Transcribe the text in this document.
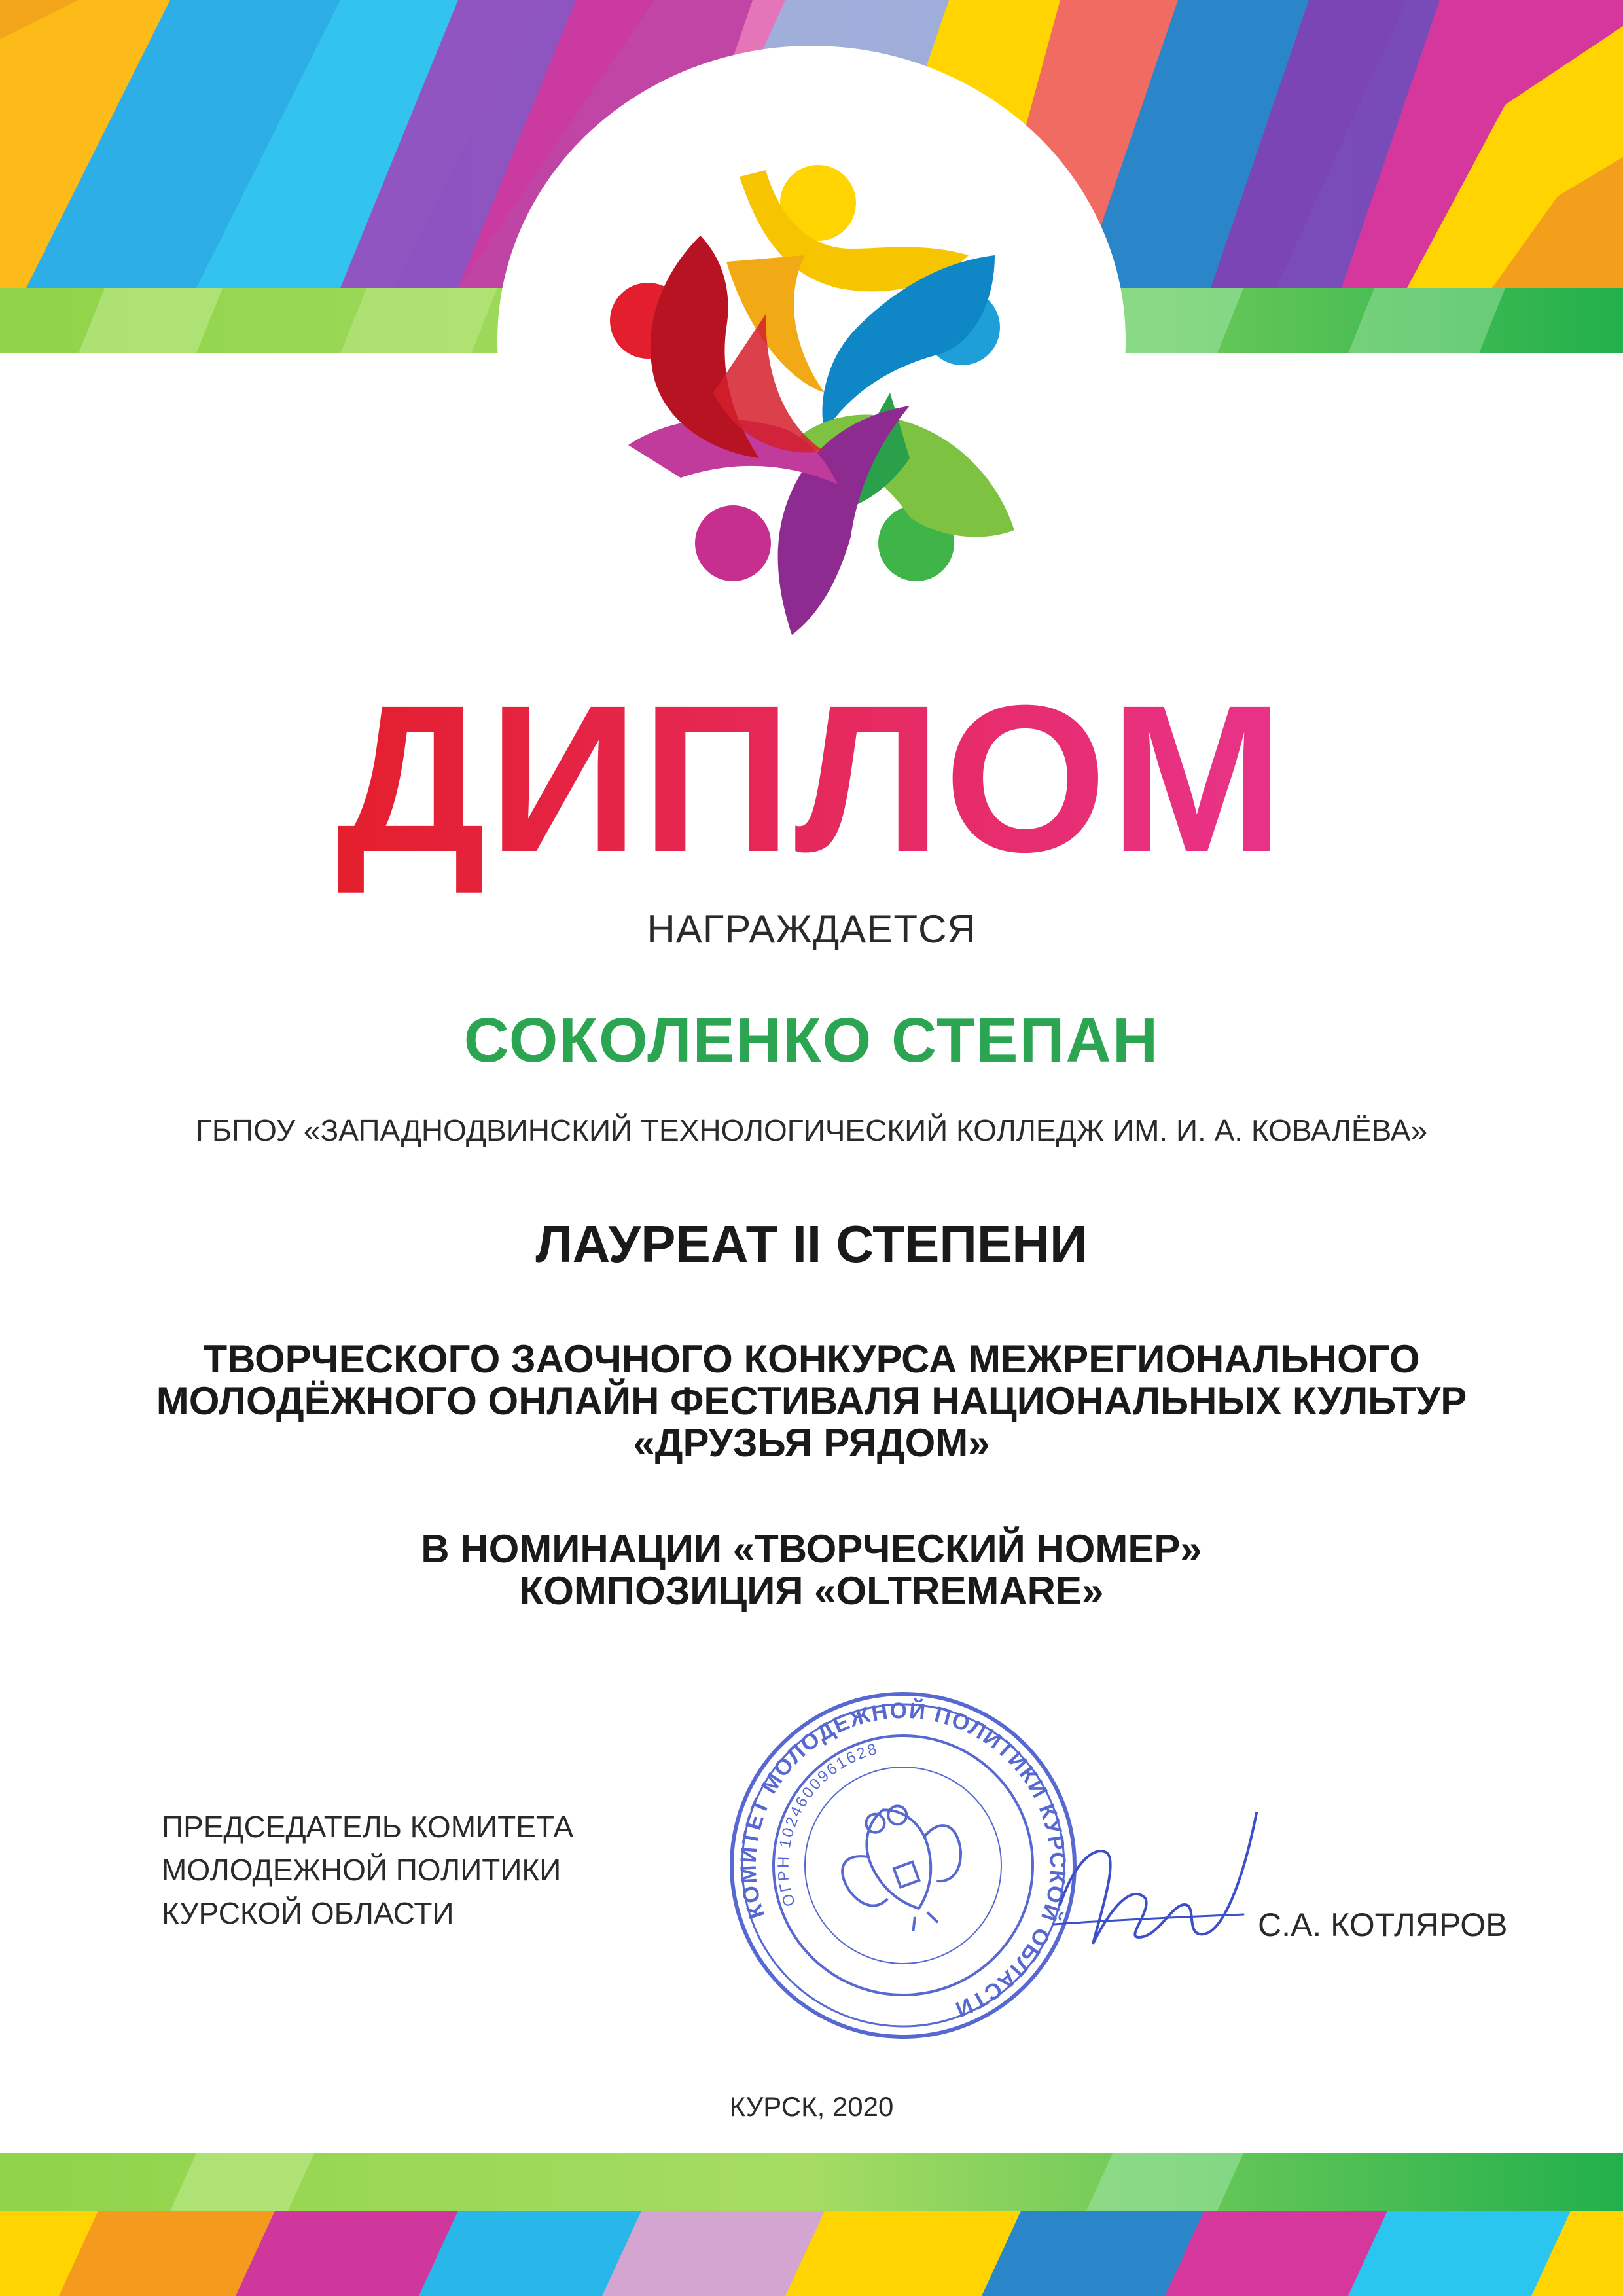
ДИПЛОМ
НАГРАЖДАЕТСЯ
СОКОЛЕНКО СТЕПАН
ГБПОУ «ЗАПАДНОДВИНСКИЙ ТЕХНОЛОГИЧЕСКИЙ КОЛЛЕДЖ ИМ. И. А. КОВАЛЁВА»
ЛАУРЕАТ II СТЕПЕНИ
ТВОРЧЕСКОГО ЗАОЧНОГО КОНКУРСА МЕЖРЕГИОНАЛЬНОГО
МОЛОДЁЖНОГО ОНЛАЙН ФЕСТИВАЛЯ НАЦИОНАЛЬНЫХ КУЛЬТУР
«ДРУЗЬЯ РЯДОМ»
В НОМИНАЦИИ «ТВОРЧЕСКИЙ НОМЕР»
КОМПОЗИЦИЯ «OLTREMARE»
ПРЕДСЕДАТЕЛЬ КОМИТЕТА
МОЛОДЕЖНОЙ ПОЛИТИКИ
КУРСКОЙ ОБЛАСТИ	КОМИТЕТ МОЛОДЕЖНОЙ ПОЛИТИКИ КУРСКОЙ ОБЛАСТИ
ОГРН 1024600961628
С.А. КОТЛЯРОВ
КУРСК, 2020
